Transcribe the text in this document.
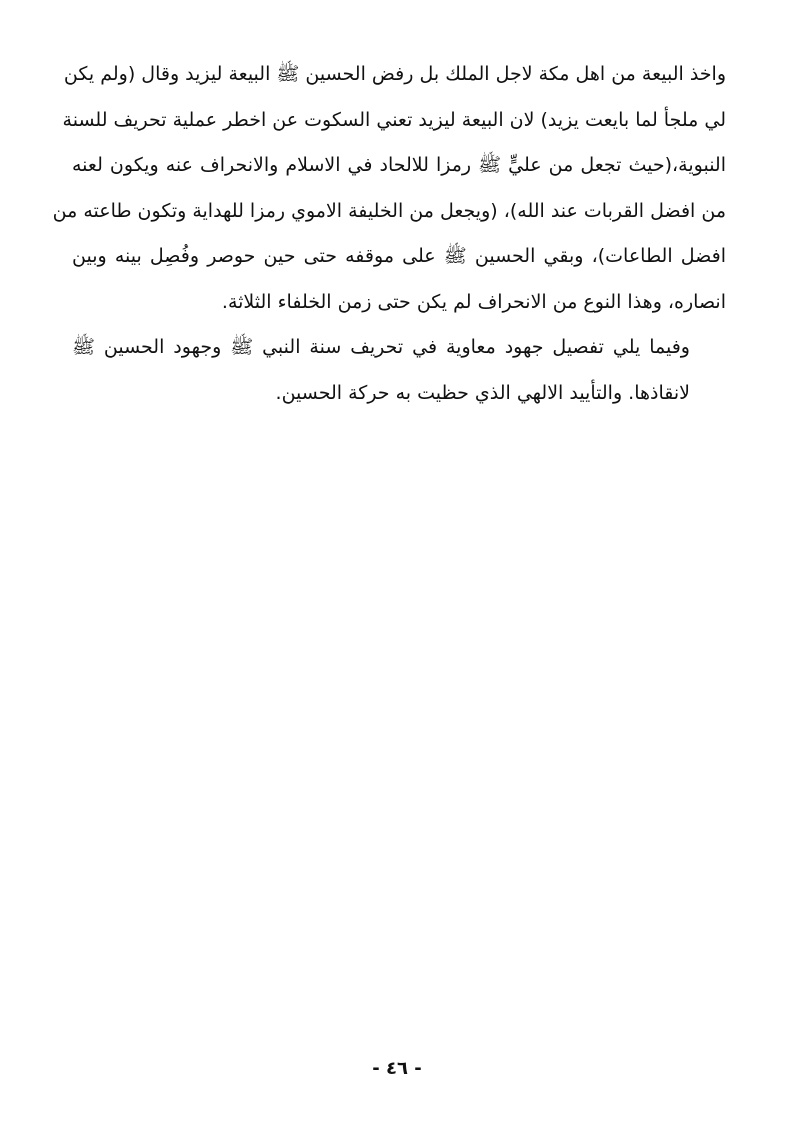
واخذ البيعة من اهل مكة لاجل الملك بل رفض الحسين ﷺ البيعة ليزيد وقال (ولم يكن
لي ملجأ لما بايعت يزيد) لان البيعة ليزيد تعني السكوت عن اخطر عملية تحريف للسنة
النبوية،(حيث تجعل من عليٍّ ﷺ رمزا للالحاد في الاسلام والانحراف عنه ويكون لعنه
من افضل القربات عند الله)، (ويجعل من الخليفة الاموي رمزا للهداية وتكون طاعته من
افضل الطاعات)، وبقي الحسين ﷺ على موقفه حتى حين حوصر وفُصِل بينه وبين
انصاره، وهذا النوع من الانحراف لم يكن حتى زمن الخلفاء الثلاثة.

وفيما يلي تفصيل جهود معاوية في تحريف سنة النبي ﷺ وجهود الحسين ﷺ
لانقاذها. والتأييد الالهي الذي حظيت به حركة الحسين.

- ٤٦ -
